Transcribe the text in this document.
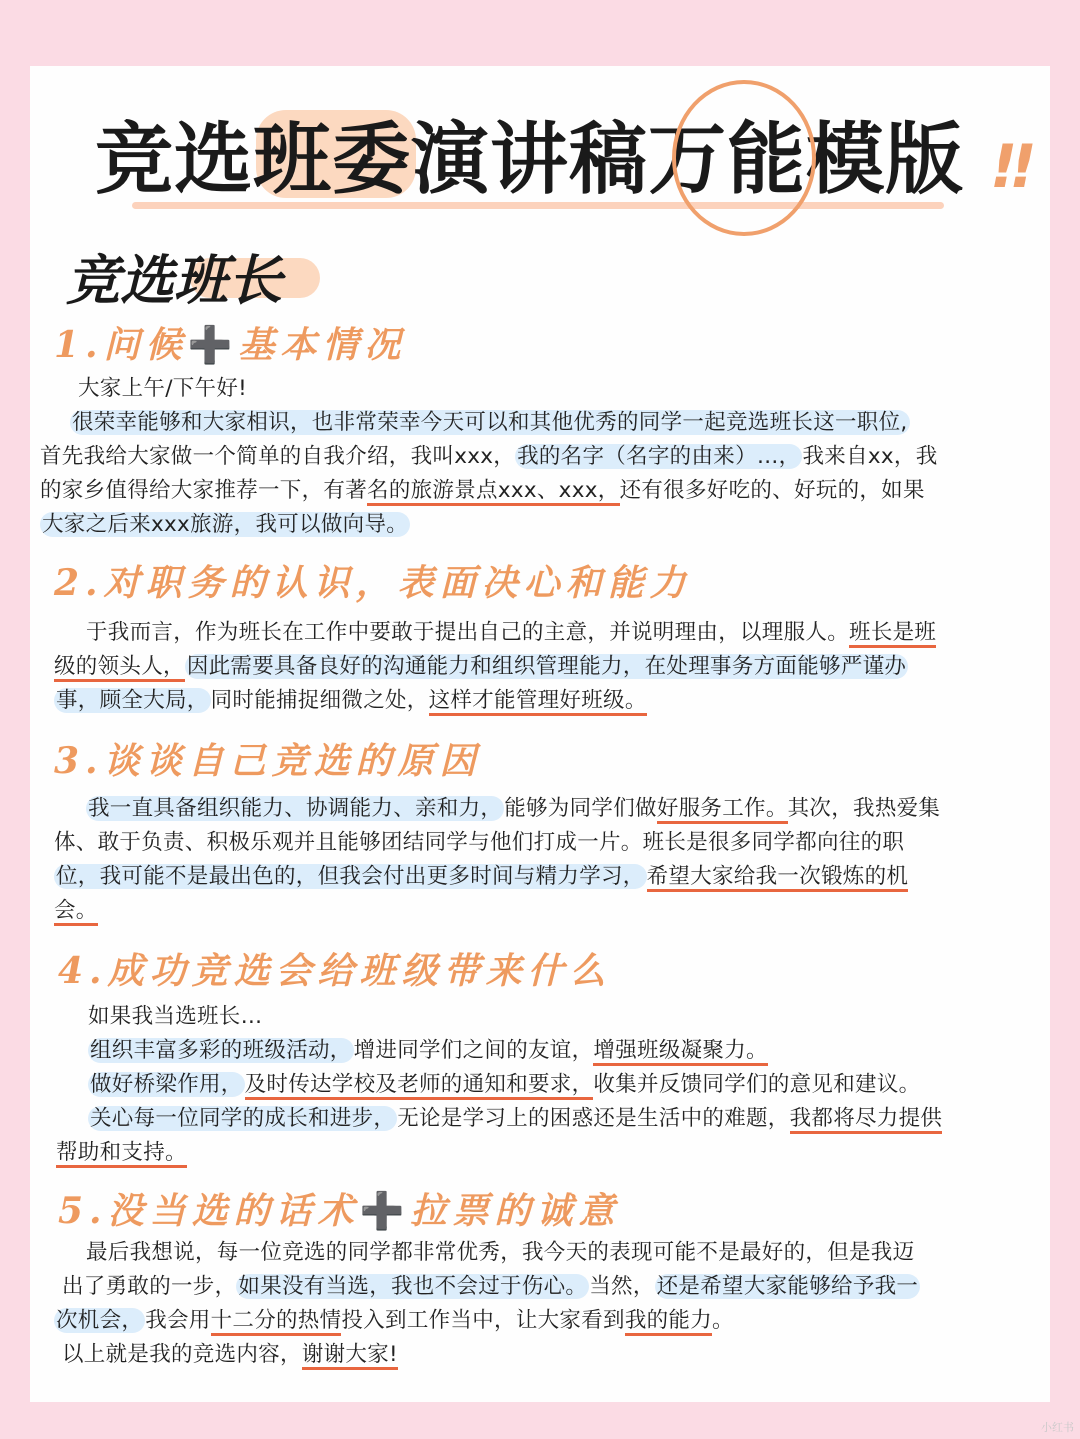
竞选班委演讲稿万能模版 !!
竞选班长
1.问候➕基本情况

大家上午/下午好!

很荣幸能够和大家相识，也非常荣幸今天可以和其他优秀的同学一起竞选班长这一职位,

首先我给大家做一个简单的自我介绍，我叫xxx，我的名字（名字的由来）…，我来自xx，我

的家乡值得给大家推荐一下，有著名的旅游景点xxx、xxx，还有很多好吃的、好玩的，如果

大家之后来xxx旅游，我可以做向导。

2.对职务的认识，表面决心和能力

于我而言，作为班长在工作中要敢于提出自己的主意，并说明理由，以理服人。班长是班

级的领头人，因此需要具备良好的沟通能力和组织管理能力，在处理事务方面能够严谨办

事，顾全大局，同时能捕捉细微之处，这样才能管理好班级。

3.谈谈自己竞选的原因

我一直具备组织能力、协调能力、亲和力，能够为同学们做好服务工作。其次，我热爱集

体、敢于负责、积极乐观并且能够团结同学与他们打成一片。班长是很多同学都向往的职

位，我可能不是最出色的，但我会付出更多时间与精力学习，希望大家给我一次锻炼的机

会。

4.成功竞选会给班级带来什么

如果我当选班长…

组织丰富多彩的班级活动，增进同学们之间的友谊，增强班级凝聚力。

做好桥梁作用，及时传达学校及老师的通知和要求，收集并反馈同学们的意见和建议。

关心每一位同学的成长和进步，无论是学习上的困惑还是生活中的难题，我都将尽力提供

帮助和支持。

5.没当选的话术➕拉票的诚意

最后我想说，每一位竞选的同学都非常优秀，我今天的表现可能不是最好的，但是我迈

出了勇敢的一步，如果没有当选，我也不会过于伤心。当然，还是希望大家能够给予我一

次机会，我会用十二分的热情投入到工作当中，让大家看到我的能力。

以上就是我的竞选内容，谢谢大家!

小红书
